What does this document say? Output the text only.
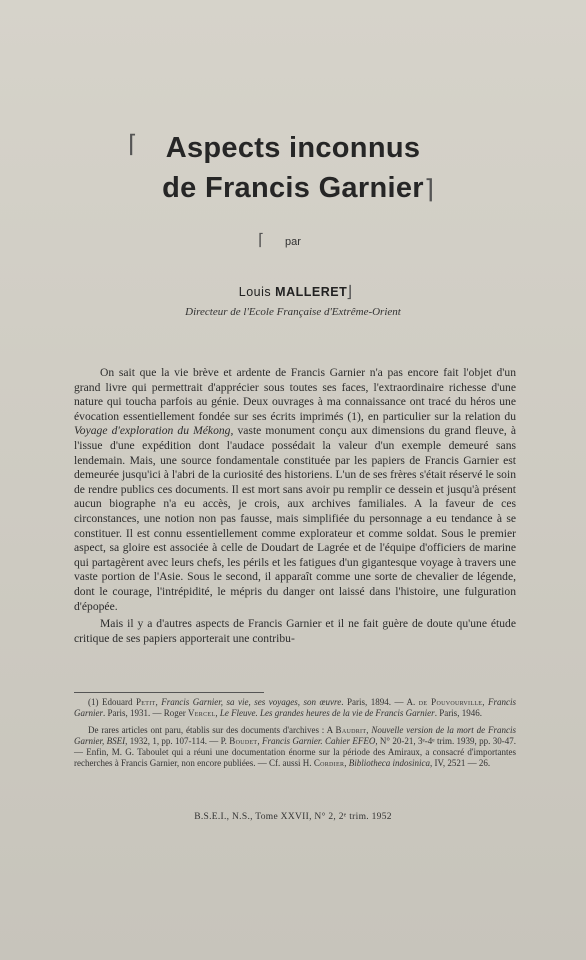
⌈ Aspects inconnus
de Francis Garnier ⌉
⌈	par
Louis MALLERET
⌋
Directeur de l'Ecole Française d'Extrême-Orient

On sait que la vie brève et ardente de Francis Garnier n'a pas encore fait l'objet d'un grand livre qui permettrait d'apprécier sous toutes ses faces, l'extraordinaire richesse d'une nature qui toucha parfois au génie. Deux ouvrages à ma connaissance ont tracé du héros une évocation essentiellement fondée sur ses écrits imprimés (1), en particulier sur la relation du Voyage d'exploration du Mékong, vaste monument conçu aux dimensions du grand fleuve, à l'issue d'une expédition dont l'audace possédait la valeur d'un exemple demeuré sans lendemain. Mais, une source fondamentale constituée par les papiers de Francis Garnier est demeurée jusqu'ici à l'abri de la curiosité des historiens. L'un de ses frères s'était réservé le soin de rendre publics ces documents. Il est mort sans avoir pu remplir ce dessein et jusqu'à présent aucun biographe n'a eu accès, je crois, aux archives familiales. A la faveur de ces circonstances, une notion non pas fausse, mais simplifiée du personnage a eu tendance à se constituer. Il est connu essentiellement comme explorateur et comme soldat. Sous le premier aspect, sa gloire est associée à celle de Doudart de Lagrée et de l'équipe d'officiers de marine qui partagèrent avec leurs chefs, les périls et les fatigues d'un gigantesque voyage à travers une vaste portion de l'Asie. Sous le second, il apparaît comme une sorte de chevalier de légende, dont le courage, l'intrépidité, le mépris du danger ont laissé dans l'histoire, une fulguration d'épopée.

Mais il y a d'autres aspects de Francis Garnier et il ne fait guère de doute qu'une étude critique de ses papiers apporterait une contribu-

(1) Edouard Petit, Francis Garnier, sa vie, ses voyages, son œuvre. Paris, 1894. — A. de Pouvourville, Francis Garnier. Paris, 1931. — Roger Vercel, Le Fleuve. Les grandes heures de la vie de Francis Garnier. Paris, 1946.

De rares articles ont paru, établis sur des documents d'archives : A Baudrit, Nouvelle version de la mort de Francis Garnier, BSEI, 1932, 1, pp. 107-114. — P. Boudet, Francis Garnier. Cahier EFEO, N° 20-21, 3ᵉ-4ᵉ trim. 1939, pp. 30-47. — Enfin, M. G. Taboulet qui a réuni une documentation énorme sur la période des Amiraux, a consacré d'importantes recherches à Francis Garnier, non encore publiées. — Cf. aussi H. Cordier, Bibliotheca indosinica, IV, 2521 — 26.

B.S.E.I., N.S., Tome XXVII, N° 2, 2ᵉ trim. 1952
